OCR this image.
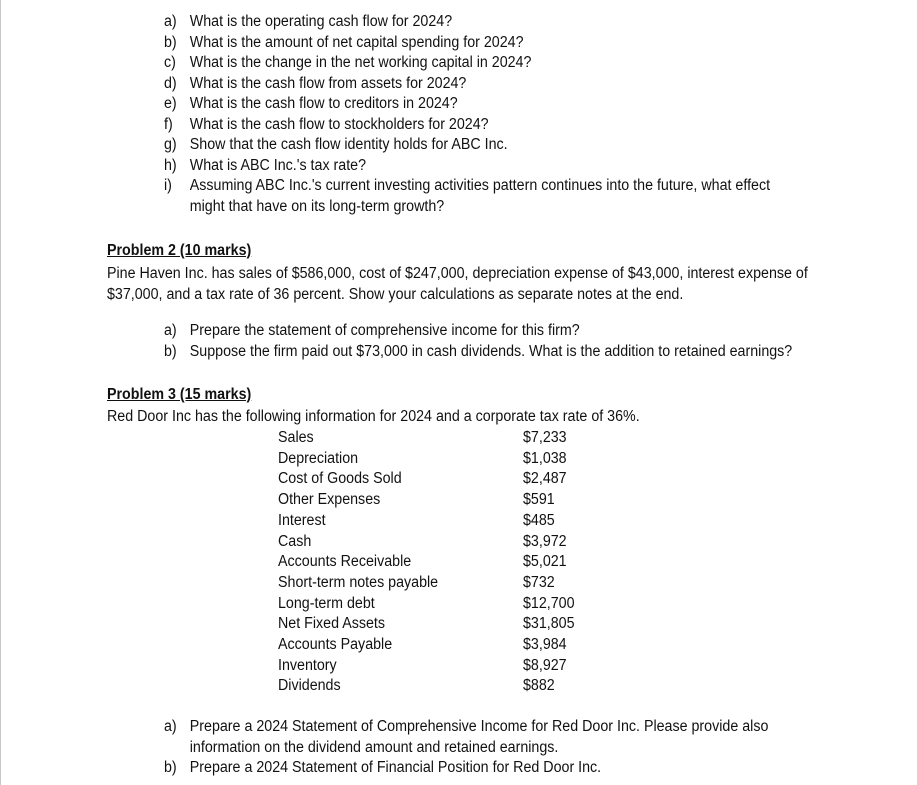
a) What is the operating cash flow for 2024?
b) What is the amount of net capital spending for 2024?
c) What is the change in the net working capital in 2024?
d) What is the cash flow from assets for 2024?
e) What is the cash flow to creditors in 2024?
f) What is the cash flow to stockholders for 2024?
g) Show that the cash flow identity holds for ABC Inc.
h) What is ABC Inc.'s tax rate?
i) Assuming ABC Inc.'s current investing activities pattern continues into the future, what effect might that have on its long-term growth?
Problem 2 (10 marks)
Pine Haven Inc. has sales of $586,000, cost of $247,000, depreciation expense of $43,000, interest expense of $37,000, and a tax rate of 36 percent. Show your calculations as separate notes at the end.
a) Prepare the statement of comprehensive income for this firm?
b) Suppose the firm paid out $73,000 in cash dividends. What is the addition to retained earnings?
Problem 3 (15 marks)
Red Door Inc has the following information for 2024 and a corporate tax rate of 36%.
Sales	$7,233
Depreciation	$1,038
Cost of Goods Sold	$2,487
Other Expenses	$591
Interest	$485
Cash	$3,972
Accounts Receivable	$5,021
Short-term notes payable	$732
Long-term debt	$12,700
Net Fixed Assets	$31,805
Accounts Payable	$3,984
Inventory	$8,927
Dividends	$882
a) Prepare a 2024 Statement of Comprehensive Income for Red Door Inc. Please provide also information on the dividend amount and retained earnings.
b) Prepare a 2024 Statement of Financial Position for Red Door Inc.
